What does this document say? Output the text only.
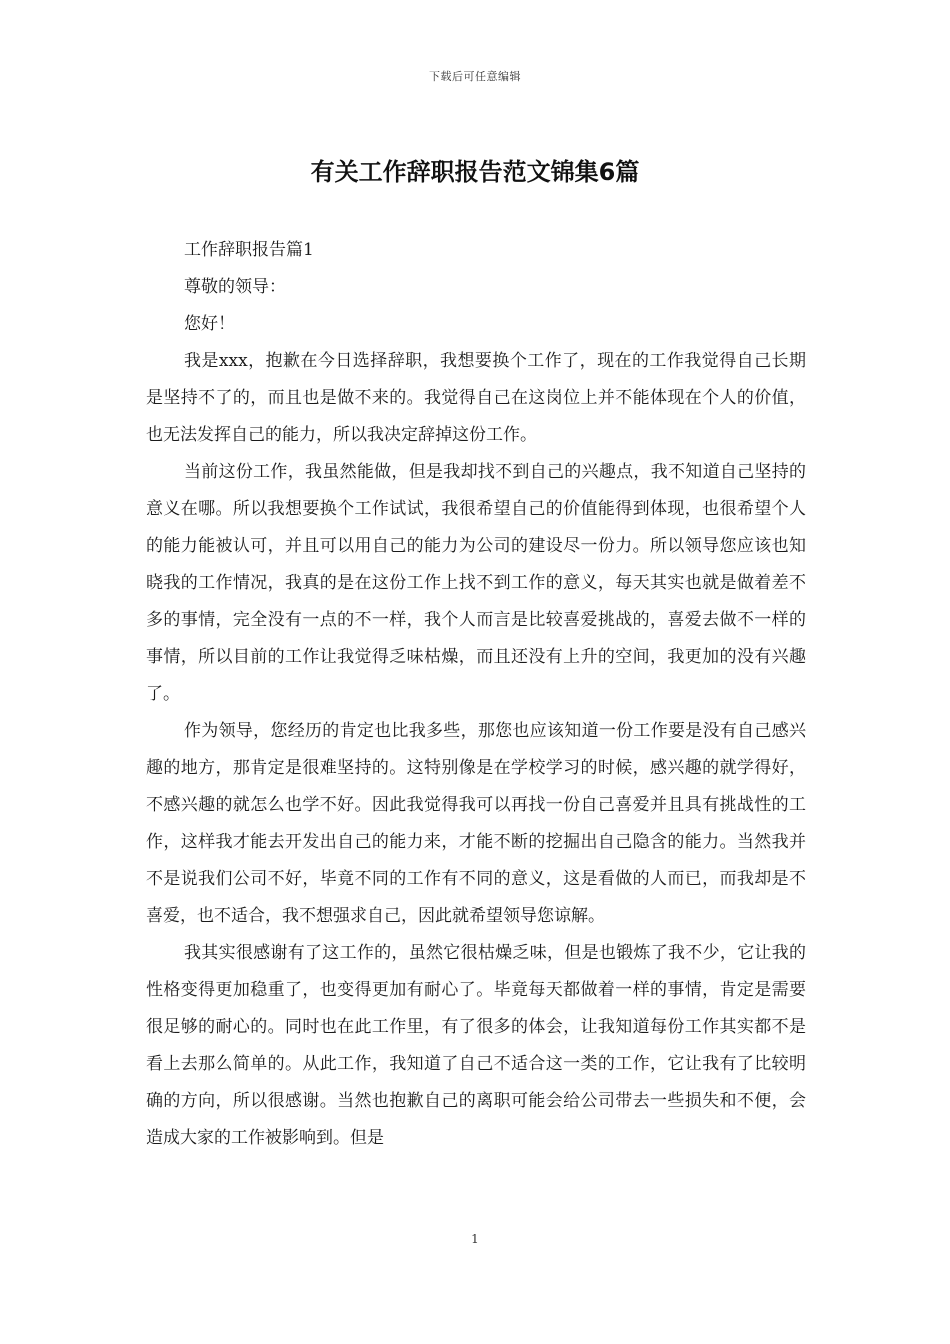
下载后可任意编辑
有关工作辞职报告范文锦集6篇

工作辞职报告篇1

尊敬的领导：

您好！

我是xxx，抱歉在今日选择辞职，我想要换个工作了，现在的工作我觉得自己长期是坚持不了的，而且也是做不来的。我觉得自己在这岗位上并不能体现在个人的价值，也无法发挥自己的能力，所以我决定辞掉这份工作。

当前这份工作，我虽然能做，但是我却找不到自己的兴趣点，我不知道自己坚持的意义在哪。所以我想要换个工作试试，我很希望自己的价值能得到体现，也很希望个人的能力能被认可，并且可以用自己的能力为公司的建设尽一份力。所以领导您应该也知晓我的工作情况，我真的是在这份工作上找不到工作的意义，每天其实也就是做着差不多的事情，完全没有一点的不一样，我个人而言是比较喜爱挑战的，喜爱去做不一样的事情，所以目前的工作让我觉得乏味枯燥，而且还没有上升的空间，我更加的没有兴趣了。

作为领导，您经历的肯定也比我多些，那您也应该知道一份工作要是没有自己感兴趣的地方，那肯定是很难坚持的。这特别像是在学校学习的时候，感兴趣的就学得好，不感兴趣的就怎么也学不好。因此我觉得我可以再找一份自己喜爱并且具有挑战性的工作，这样我才能去开发出自己的能力来，才能不断的挖掘出自己隐含的能力。当然我并不是说我们公司不好，毕竟不同的工作有不同的意义，这是看做的人而已，而我却是不喜爱，也不适合，我不想强求自己，因此就希望领导您谅解。

我其实很感谢有了这工作的，虽然它很枯燥乏味，但是也锻炼了我不少，它让我的性格变得更加稳重了，也变得更加有耐心了。毕竟每天都做着一样的事情，肯定是需要很足够的耐心的。同时也在此工作里，有了很多的体会，让我知道每份工作其实都不是看上去那么简单的。从此工作，我知道了自己不适合这一类的工作，它让我有了比较明确的方向，所以很感谢。当然也抱歉自己的离职可能会给公司带去一些损失和不便，会造成大家的工作被影响到。但是

1
